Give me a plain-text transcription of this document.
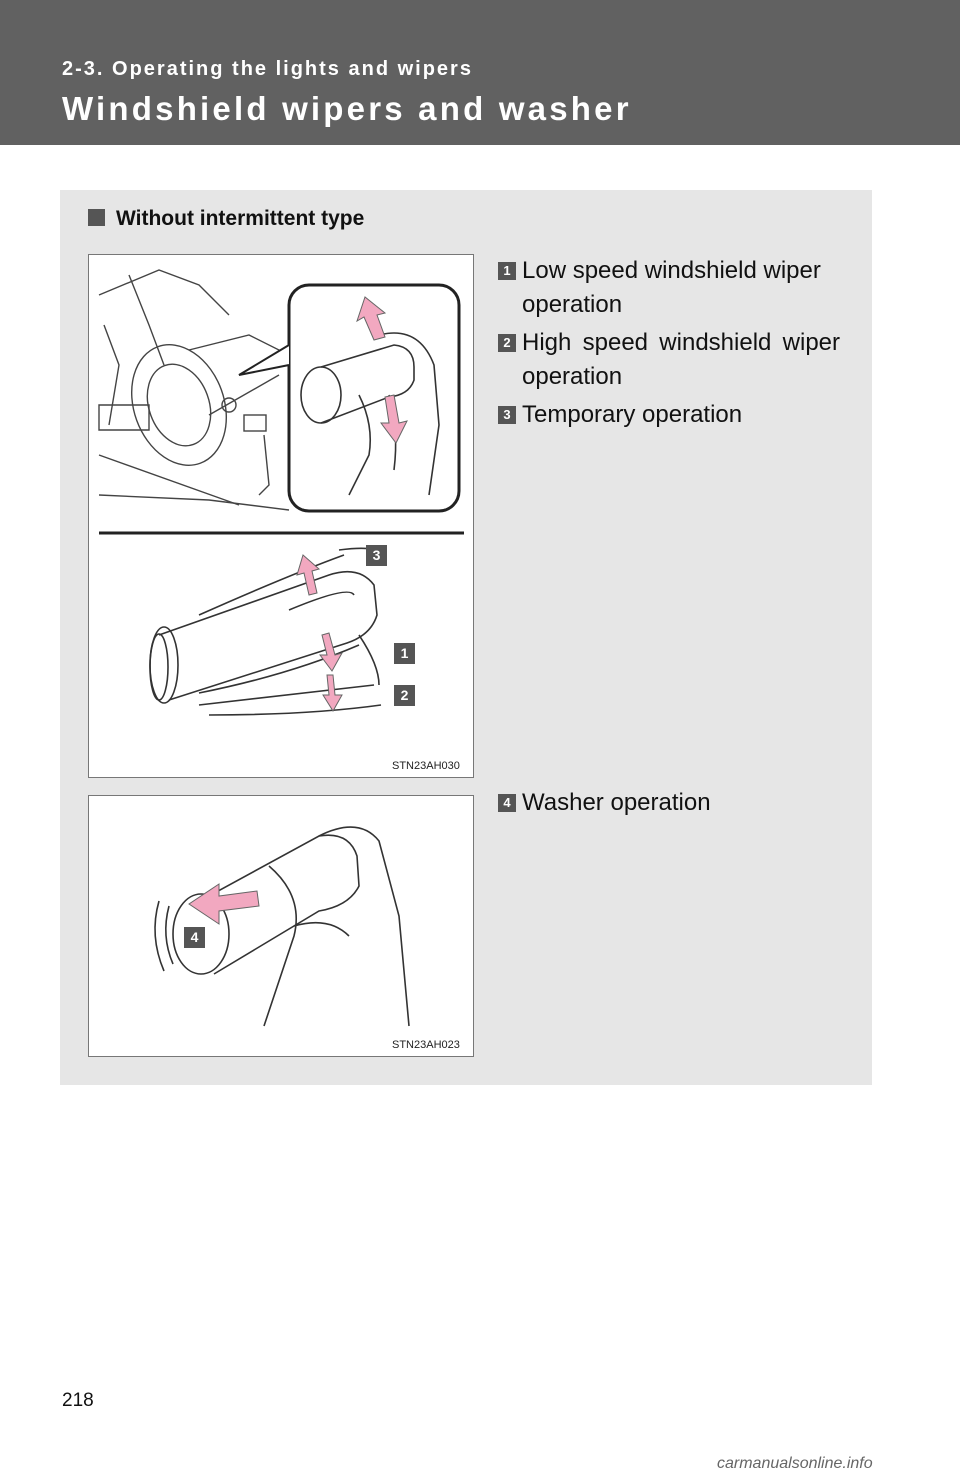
2-3. Operating the lights and wipers
Windshield wipers and washer
Without intermittent type
3
1
2
STN23AH030
4
STN23AH023
1 Low speed windshield wiper operation
2 High speed windshield wiper operation
3 Temporary operation
4 Washer operation
218
carmanualsonline.info
